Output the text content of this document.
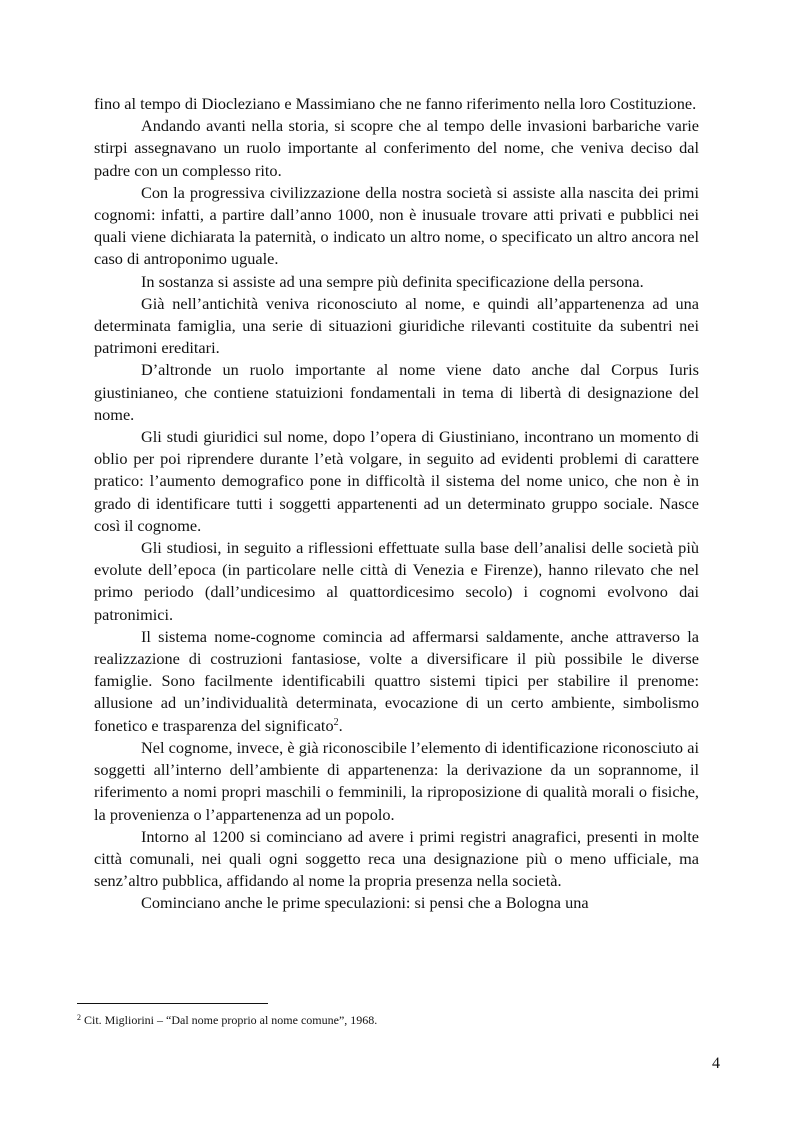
fino al tempo di Diocleziano e Massimiano che ne fanno riferimento nella loro Costituzione.

Andando avanti nella storia, si scopre che al tempo delle invasioni barbariche varie stirpi assegnavano un ruolo importante al conferimento del nome, che veniva deciso dal padre con un complesso rito.

Con la progressiva civilizzazione della nostra società si assiste alla nascita dei primi cognomi: infatti, a partire dall’anno 1000, non è inusuale trovare atti privati e pubblici nei quali viene dichiarata la paternità, o indicato un altro nome, o specificato un altro ancora nel caso di antroponimo uguale.

In sostanza si assiste ad una sempre più definita specificazione della persona.

Già nell’antichità veniva riconosciuto al nome, e quindi all’appartenenza ad una determinata famiglia, una serie di situazioni giuridiche rilevanti costituite da subentri nei patrimoni ereditari.

D’altronde un ruolo importante al nome viene dato anche dal Corpus Iuris giustinianeo, che contiene statuizioni fondamentali in tema di libertà di designazione del nome.

Gli studi giuridici sul nome, dopo l’opera di Giustiniano, incontrano un momento di oblio per poi riprendere durante l’età volgare, in seguito ad evidenti problemi di carattere pratico: l’aumento demografico pone in difficoltà il sistema del nome unico, che non è in grado di identificare tutti i soggetti appartenenti ad un determinato gruppo sociale. Nasce così il cognome.

Gli studiosi, in seguito a riflessioni effettuate sulla base dell’analisi delle società più evolute dell’epoca (in particolare nelle città di Venezia e Firenze), hanno rilevato che nel primo periodo (dall’undicesimo al quattordicesimo secolo) i cognomi evolvono dai patronimici.

Il sistema nome-cognome comincia ad affermarsi saldamente, anche attraverso la realizzazione di costruzioni fantasiose, volte a diversificare il più possibile le diverse famiglie. Sono facilmente identificabili quattro sistemi tipici per stabilire il prenome: allusione ad un’individualità determinata, evocazione di un certo ambiente, simbolismo fonetico e trasparenza del significato$^2$.

Nel cognome, invece, è già riconoscibile l’elemento di identificazione riconosciuto ai soggetti all’interno dell’ambiente di appartenenza: la derivazione da un soprannome, il riferimento a nomi propri maschili o femminili, la riproposizione di qualità morali o fisiche, la provenienza o l’appartenenza ad un popolo.

Intorno al 1200 si cominciano ad avere i primi registri anagrafici, presenti in molte città comunali, nei quali ogni soggetto reca una designazione più o meno ufficiale, ma senz’altro pubblica, affidando al nome la propria presenza nella società.

Cominciano anche le prime speculazioni: si pensi che a Bologna una

$^2$ Cit. Migliorini – “Dal nome proprio al nome comune”, 1968.
4
